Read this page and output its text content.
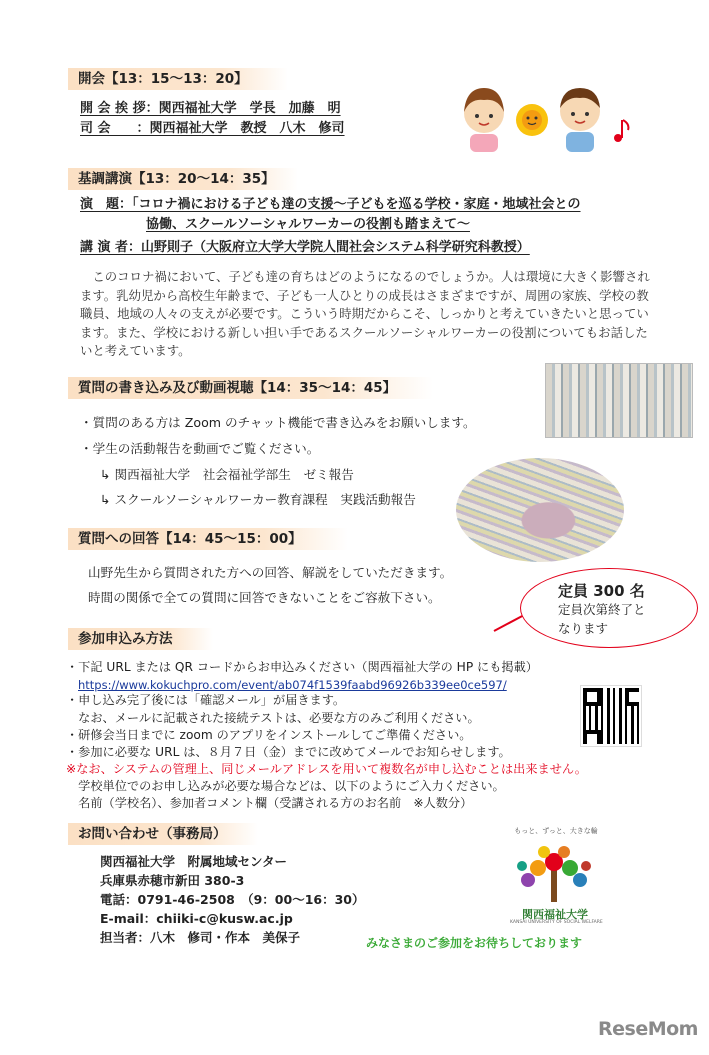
開会【13：15〜13：20】
開 会 挨 拶：関西福祉大学　学長　加藤　明
司 会　　：関西福祉大学　教授　八木　修司
基調講演【13：20〜14：35】
演　題：「コロナ禍における子ども達の支援〜子どもを巡る学校・家庭・地域社会との
協働、スクールソーシャルワーカーの役割も踏まえて〜
講 演 者：山野則子（大阪府立大学大学院人間社会システム科学研究科教授）
　このコロナ禍において、子ども達の育ちはどのようになるのでしょうか。人は環境に大きく影響されます。乳幼児から高校生年齢まで、子ども一人ひとりの成長はさまざまですが、周囲の家族、学校の教職員、地域の人々の支えが必要です。こういう時期だからこそ、しっかりと考えていきたいと思っています。また、学校における新しい担い手であるスクールソーシャルワーカーの役割についてもお話したいと考えています。
質問の書き込み及び動画視聴【14：35〜14：45】
・質問のある方は Zoom のチャット機能で書き込みをお願いします。
・学生の活動報告を動画でご覧ください。
↳ 関西福祉大学　社会福祉学部生　ゼミ報告
↳ スクールソーシャルワーカー教育課程　実践活動報告
質問への回答【14：45〜15：00】
山野先生から質問された方への回答、解説をしていただきます。
時間の関係で全ての質問に回答できないことをご容赦下さい。	定員 300 名
定員次第終了と
なります
参加申込み方法
・下記 URL または QR コードからお申込みください（関西福祉大学の HP にも掲載）
https://www.kokuchpro.com/event/ab074f1539faabd96926b339ee0ce597/
・申し込み完了後には「確認メール」が届きます。
　なお、メールに記載された接続テストは、必要な方のみご利用ください。
・研修会当日までに zoom のアプリをインストールしてご準備ください。
・参加に必要な URL は、８月７日（金）までに改めてメールでお知らせします。
※なお、システムの管理上、同じメールアドレスを用いて複数名が申し込むことは出来ません。
　学校単位でのお申し込みが必要な場合などは、以下のようにご入力ください。
　名前（学校名）、参加者コメント欄（受講される方のお名前　※人数分）
お問い合わせ（事務局）
関西福祉大学　附属地域センター
兵庫県赤穂市新田 380-3
電話：0791-46-2508　（9：00〜16：30）
E-mail：chiiki-c@kusw.ac.jp
担当者：八木　修司・作本　美保子
もっと、ずっと、大きな輪
関西福祉大学
KANSAI UNIVERSITY OF SOCIAL WELFARE
みなさまのご参加をお待ちしております
ReseMom
